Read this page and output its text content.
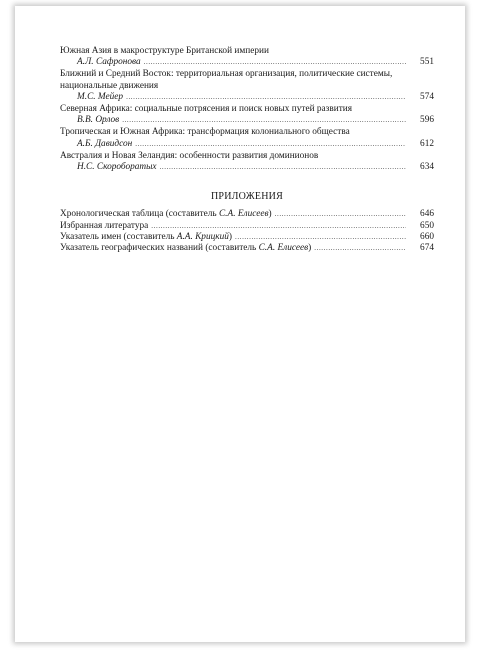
Южная Азия в макроструктуре Британской империи
А.Л. Сафронова .....	551
Ближний и Средний Восток: территориальная организация, политические системы, национальные движения
М.С. Мейер .....	574
Северная Африка: социальные потрясения и поиск новых путей развития
В.В. Орлов .....	596
Тропическая и Южная Африка: трансформация колониального общества
А.Б. Давидсон .....	612
Австралия и Новая Зеландия: особенности развития доминионов
Н.С. Скороборатых .....	634
ПРИЛОЖЕНИЯ
Хронологическая таблица (составитель С.А. Елисеев) .....	646
Избранная литература .....	650
Указатель имен (составитель А.А. Крицкий) .....	660
Указатель географических названий (составитель С.А. Елисеев) .....	674
